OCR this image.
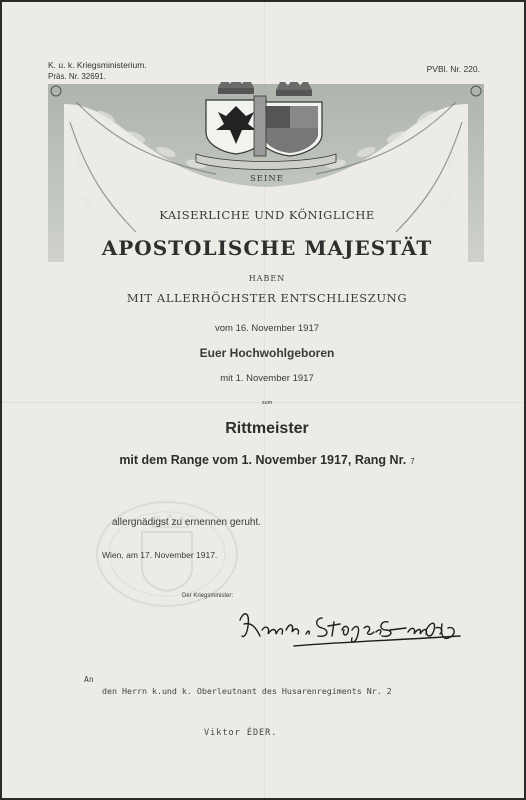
K. u. k. Kriegsministerium.
Präs. Nr. 32691.
PVBl. Nr. 220.
SEINE
KAISERLICHE UND KÖNIGLICHE
APOSTOLISCHE MAJESTÄT
HABEN
MIT ALLERHÖCHSTER ENTSCHLIESZUNG
vom 16. November 1917
Euer Hochwohlgeboren
mit 1. November 1917
zum
Rittmeister
mit dem Range vom 1. November 1917, Rang Nr. 7
allergnädigst zu ernennen geruht.
Wien, am 17. November 1917.
Der Kriegsminister:
An
den Herrn k.und k. Oberleutnant des Husarenregiments Nr. 2
Viktor ÉDER.
